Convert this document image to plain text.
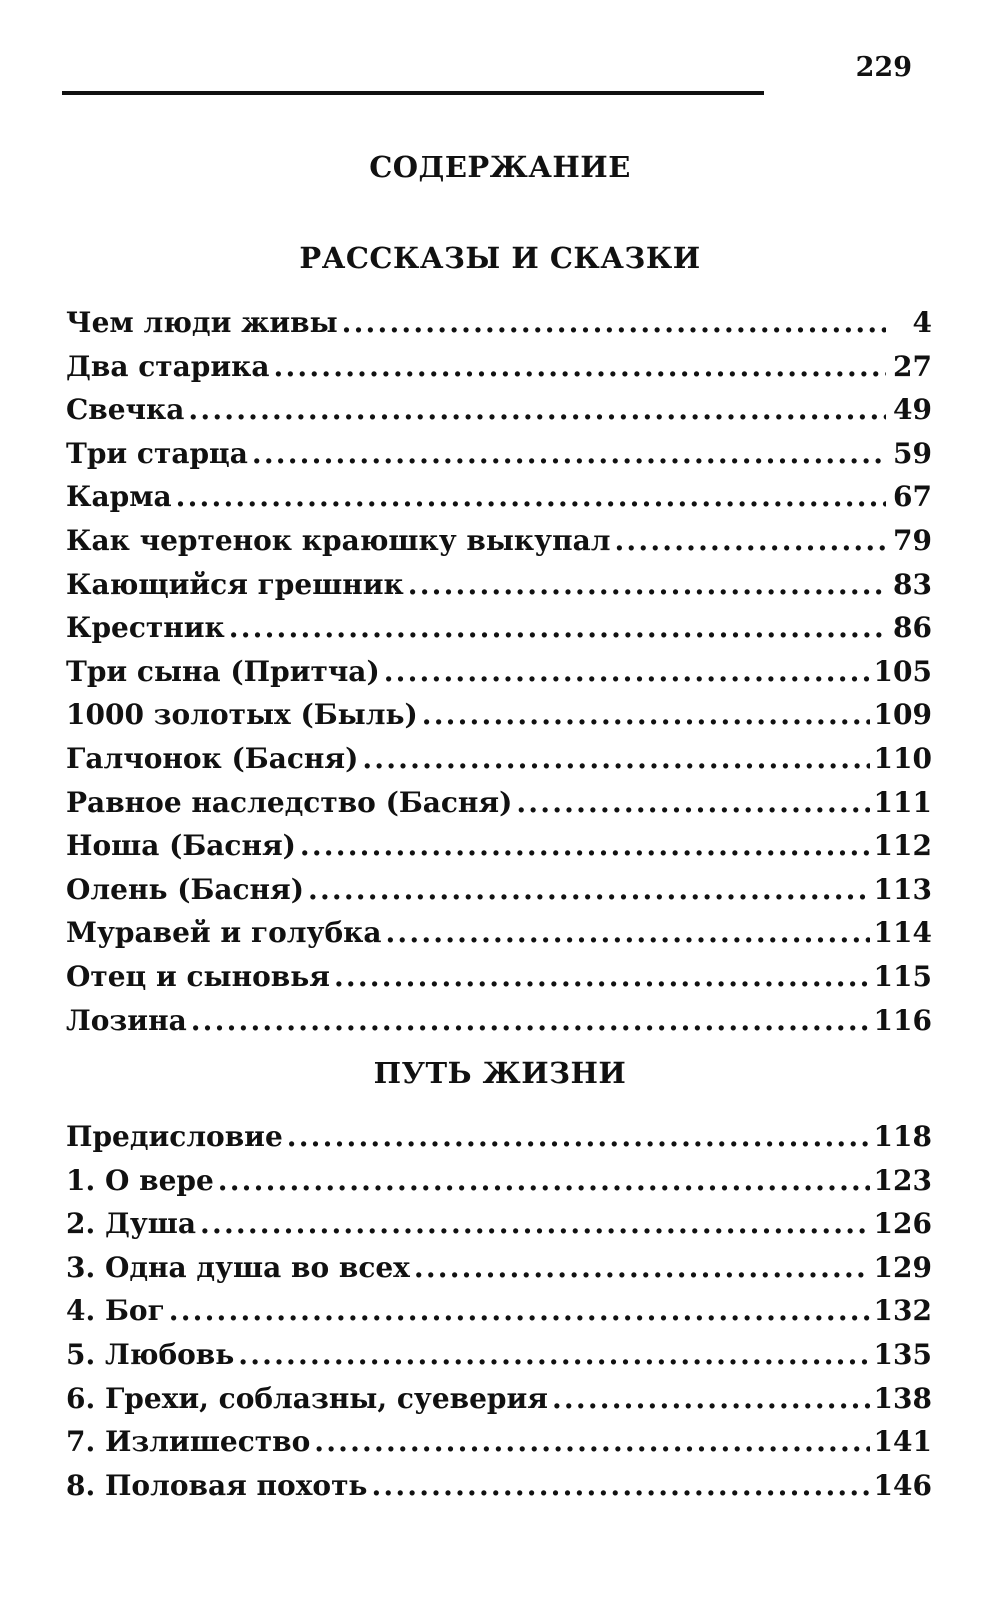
229
СОДЕРЖАНИЕ
РАССКАЗЫ И СКАЗКИ
Чем люди живы .....	4
Два старика .....	27
Свечка .....	49
Три старца .....	59
Карма .....	67
Как чертенок краюшку выкупал .....	79
Кающийся грешник .....	83
Крестник .....	86
Три сына (Притча) .....	105
1000 золотых (Быль) .....	109
Галчонок (Басня) .....	110
Равное наследство (Басня) .....	111
Ноша (Басня) .....	112
Олень (Басня) .....	113
Муравей и голубка .....	114
Отец и сыновья .....	115
Лозина .....	116
ПУТЬ ЖИЗНИ
Предисловие .....	118
1. О вере .....	123
2. Душа .....	126
3. Одна душа во всех .....	129
4. Бог .....	132
5. Любовь .....	135
6. Грехи, соблазны, суеверия .....	138
7. Излишество .....	141
8. Половая похоть .....	146
